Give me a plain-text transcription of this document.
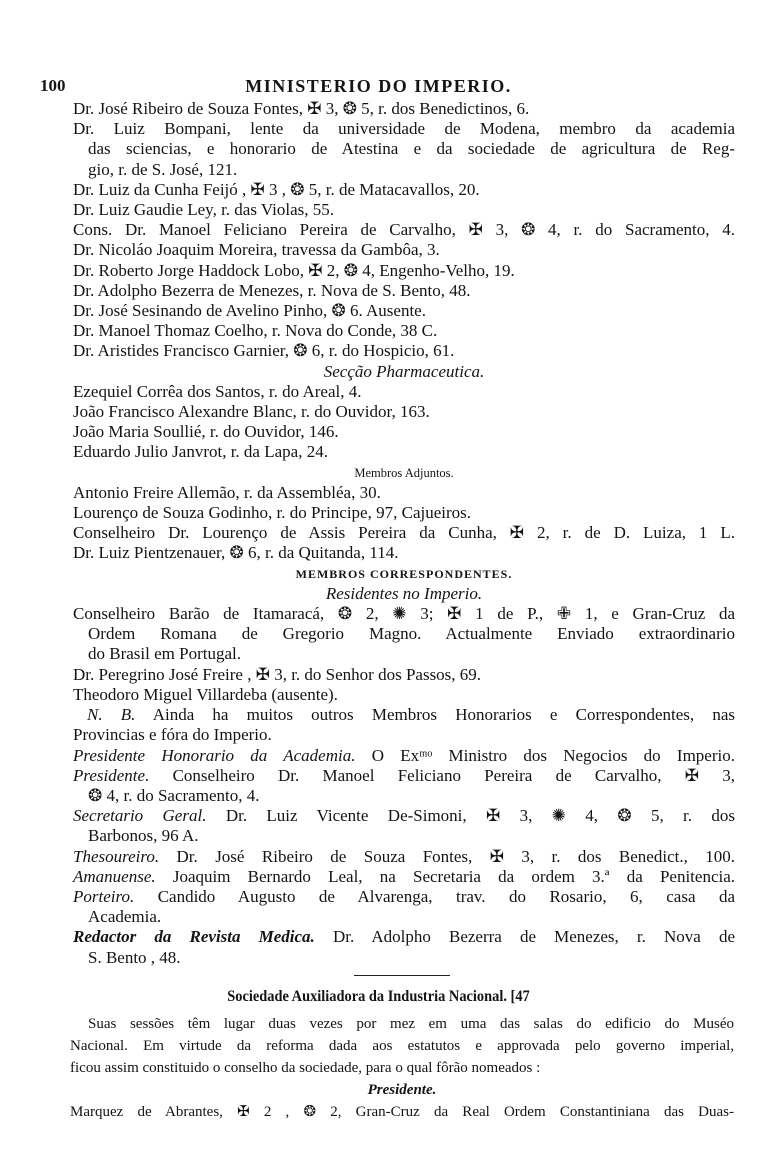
100	MINISTERIO DO IMPERIO.
Dr. José Ribeiro de Souza Fontes, ✠ 3, ❂ 5, r. dos Benedictinos, 6.
Dr. Luiz Bompani, lente da universidade de Modena, membro da academia
das sciencias, e honorario de Atestina e da sociedade de agricultura de Reg-
gio, r. de S. José, 121.
Dr. Luiz da Cunha Feijó , ✠ 3 , ❂ 5, r. de Matacavallos, 20.
Dr. Luiz Gaudie Ley, r. das Violas, 55.
Cons. Dr. Manoel Feliciano Pereira de Carvalho, ✠ 3, ❂ 4, r. do Sacramento, 4.
Dr. Nicoláo Joaquim Moreira, travessa da Gambôa, 3.
Dr. Roberto Jorge Haddock Lobo, ✠ 2, ❂ 4, Engenho-Velho, 19.
Dr. Adolpho Bezerra de Menezes, r. Nova de S. Bento, 48.
Dr. José Sesinando de Avelino Pinho, ❂ 6. Ausente.
Dr. Manoel Thomaz Coelho, r. Nova do Conde, 38 C.
Dr. Aristides Francisco Garnier, ❂ 6, r. do Hospicio, 61.
Secção Pharmaceutica.
Ezequiel Corrêa dos Santos, r. do Areal, 4.
João Francisco Alexandre Blanc, r. do Ouvidor, 163.
João Maria Soullié, r. do Ouvidor, 146.
Eduardo Julio Janvrot, r. da Lapa, 24.
Membros Adjuntos.
Antonio Freire Allemão, r. da Assembléa, 30.
Lourenço de Souza Godinho, r. do Principe, 97, Cajueiros.
Conselheiro Dr. Lourenço de Assis Pereira da Cunha, ✠ 2, r. de D. Luiza, 1 L.
Dr. Luiz Pientzenauer, ❂ 6, r. da Quitanda, 114.
MEMBROS CORRESPONDENTES.
Residentes no Imperio.
Conselheiro Barão de Itamaracá, ❂ 2, ✺ 3; ✠ 1 de P., ✙ 1, e Gran-Cruz da
Ordem Romana de Gregorio Magno. Actualmente Enviado extraordinario
do Brasil em Portugal.
Dr. Peregrino José Freire , ✠ 3, r. do Senhor dos Passos, 69.
Theodoro Miguel Villardeba (ausente).
N. B. Ainda ha muitos outros Membros Honorarios e Correspondentes, nas
Provincias e fóra do Imperio.
Presidente Honorario da Academia. O Exᵐᵒ Ministro dos Negocios do Imperio.
Presidente. Conselheiro Dr. Manoel Feliciano Pereira de Carvalho, ✠ 3,
❂ 4, r. do Sacramento, 4.
Secretario Geral. Dr. Luiz Vicente De-Simoni, ✠ 3, ✺ 4, ❂ 5, r. dos
Barbonos, 96 A.
Thesoureiro. Dr. José Ribeiro de Souza Fontes, ✠ 3, r. dos Benedict., 100.
Amanuense. Joaquim Bernardo Leal, na Secretaria da ordem 3.ª da Penitencia.
Porteiro. Candido Augusto de Alvarenga, trav. do Rosario, 6, casa da
Academia.
Redactor da Revista Medica. Dr. Adolpho Bezerra de Menezes, r. Nova de
S. Bento , 48.
Sociedade Auxiliadora da Industria Nacional. [47
Suas sessões têm lugar duas vezes por mez em uma das salas do edificio do Muséo
Nacional. Em virtude da reforma dada aos estatutos e approvada pelo governo imperial,
ficou assim constituido o conselho da sociedade, para o qual fôrão nomeados :
Presidente.
Marquez de Abrantes, ✠ 2 , ❂ 2, Gran-Cruz da Real Ordem Constantiniana das Duas-
